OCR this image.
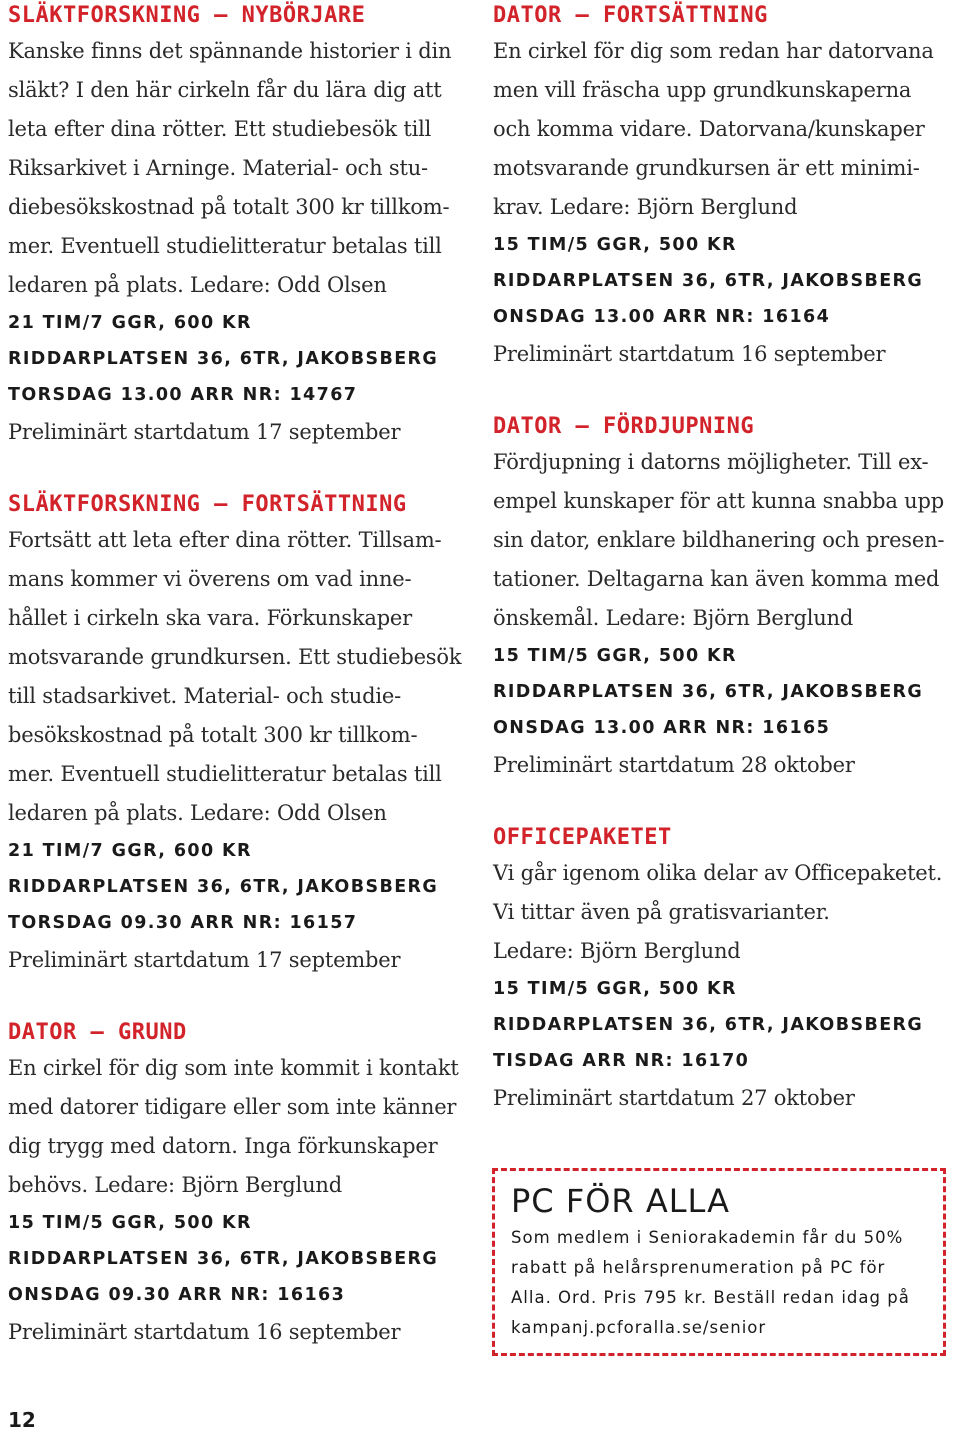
SLÄKTFORSKNING – NYBÖRJARE
Kanske finns det spännande historier i din
släkt? I den här cirkeln får du lära dig att
leta efter dina rötter. Ett studiebesök till
Riksarkivet i Arninge. Material- och stu-
diebesökskostnad på totalt 300 kr tillkom-
mer. Eventuell studielitteratur betalas till
ledaren på plats. Ledare: Odd Olsen
21 TIM/7 GGR, 600 KR
RIDDARPLATSEN 36, 6TR, JAKOBSBERG
TORSDAG 13.00 ARR NR: 14767
Preliminärt startdatum 17 september
SLÄKTFORSKNING – FORTSÄTTNING
Fortsätt att leta efter dina rötter. Tillsam-
mans kommer vi överens om vad inne-
hållet i cirkeln ska vara. Förkunskaper
motsvarande grundkursen. Ett studiebesök
till stadsarkivet. Material- och studie-
besökskostnad på totalt 300 kr tillkom-
mer. Eventuell studielitteratur betalas till
ledaren på plats. Ledare: Odd Olsen
21 TIM/7 GGR, 600 KR
RIDDARPLATSEN 36, 6TR, JAKOBSBERG
TORSDAG 09.30 ARR NR: 16157
Preliminärt startdatum 17 september
DATOR – GRUND
En cirkel för dig som inte kommit i kontakt
med datorer tidigare eller som inte känner
dig trygg med datorn. Inga förkunskaper
behövs. Ledare: Björn Berglund
15 TIM/5 GGR, 500 KR
RIDDARPLATSEN 36, 6TR, JAKOBSBERG
ONSDAG 09.30 ARR NR: 16163
Preliminärt startdatum 16 september
DATOR – FORTSÄTTNING
En cirkel för dig som redan har datorvana
men vill fräscha upp grundkunskaperna
och komma vidare. Datorvana/kunskaper
motsvarande grundkursen är ett minimi-
krav. Ledare: Björn Berglund
15 TIM/5 GGR, 500 KR
RIDDARPLATSEN 36, 6TR, JAKOBSBERG
ONSDAG 13.00 ARR NR: 16164
Preliminärt startdatum 16 september
DATOR – FÖRDJUPNING
Fördjupning i datorns möjligheter. Till ex-
empel kunskaper för att kunna snabba upp
sin dator, enklare bildhanering och presen-
tationer. Deltagarna kan även komma med
önskemål. Ledare: Björn Berglund
15 TIM/5 GGR, 500 KR
RIDDARPLATSEN 36, 6TR, JAKOBSBERG
ONSDAG 13.00 ARR NR: 16165
Preliminärt startdatum 28 oktober
OFFICEPAKETET
Vi går igenom olika delar av Officepaketet.
Vi tittar även på gratisvarianter.
Ledare: Björn Berglund
15 TIM/5 GGR, 500 KR
RIDDARPLATSEN 36, 6TR, JAKOBSBERG
TISDAG ARR NR: 16170
Preliminärt startdatum 27 oktober
PC FÖR ALLA
Som medlem i Seniorakademin får du 50%
rabatt på helårsprenumeration på PC för
Alla. Ord. Pris 795 kr. Beställ redan idag på
kampanj.pcforalla.se/senior
12
